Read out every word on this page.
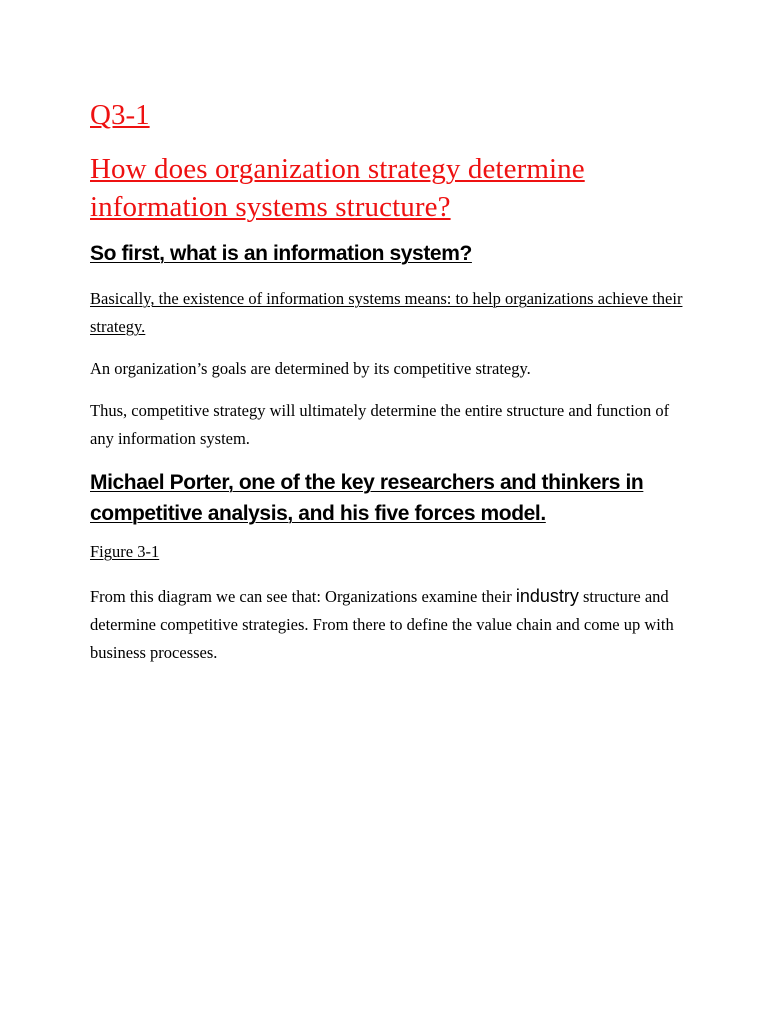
Q3-1
How does organization strategy determine information systems structure?
So first, what is an information system?

Basically, the existence of information systems means: to help organizations achieve their strategy.

An organization’s goals are determined by its competitive strategy.

Thus, competitive strategy will ultimately determine the entire structure and function of any information system.

Michael Porter, one of the key researchers and thinkers in competitive analysis, and his five forces model.

Figure 3-1

From this diagram we can see that: Organizations examine their industry structure and determine competitive strategies. From there to define the value chain and come up with business processes.
